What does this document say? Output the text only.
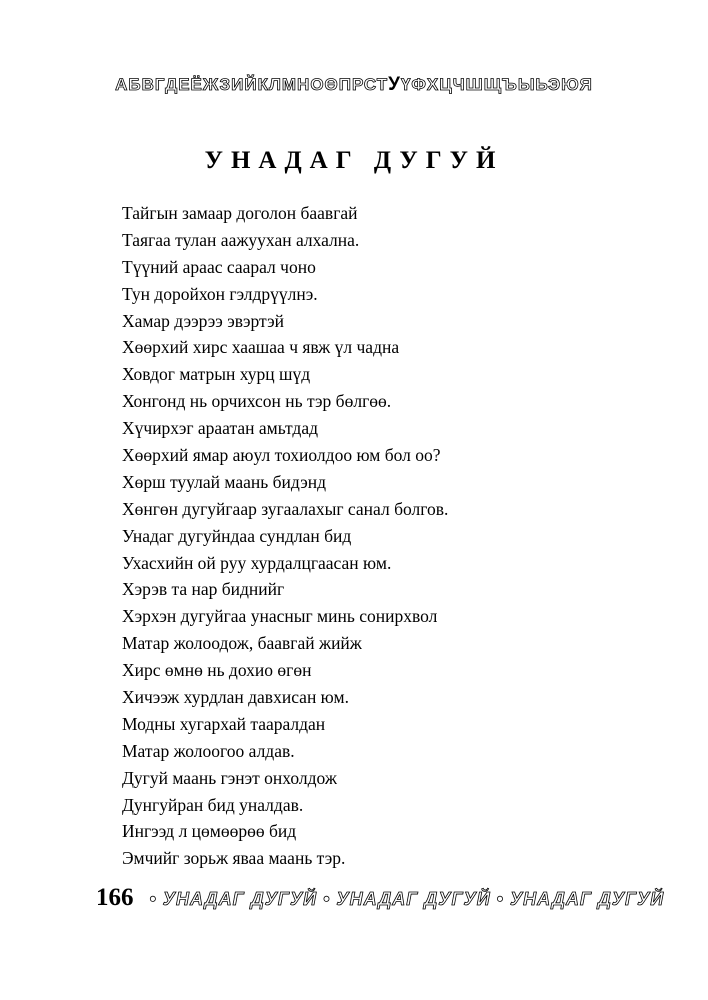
АБВГДЕЁЖЗИЙКЛМНОӨПРСТУҮФХЦЧШЩЪЫЬЭЮЯ
УНАДАГ ДУГУЙ
Тайгын замаар доголон баавгай
Таягаа тулан аажуухан алхална.
Түүний араас саарал чоно
Тун доройхон гэлдрүүлнэ.
Хамар дээрээ эвэртэй
Хөөрхий хирс хаашаа ч явж үл чадна
Ховдог матрын хурц шүд
Хонгонд нь орчихсон нь тэр бөлгөө.
Хүчирхэг араатан амьтдад
Хөөрхий ямар аюул тохиолдоо юм бол оо?
Хөрш туулай маань бидэнд
Хөнгөн дугуйгаар зугаалахыг санал болгов.
Унадаг дугуйндаа сундлан бид
Ухасхийн ой руу хурдалцгаасан юм.
Хэрэв та нар биднийг
Хэрхэн дугуйгаа унасныг минь сонирхвол
Матар жолоодож, баавгай жийж
Хирс өмнө нь дохио өгөн
Хичээж хурдлан давхисан юм.
Модны хугархай тааралдан
Матар жолоогоо алдав.
Дугуй маань гэнэт онхолдож
Дунгуйран бид уналдав.
Ингээд л цөмөөрөө бид
Эмчийг зорьж яваа маань тэр.
166 • УНАДАГ ДУГУЙ • УНАДАГ ДУГУЙ • УНАДАГ ДУГУЙ
